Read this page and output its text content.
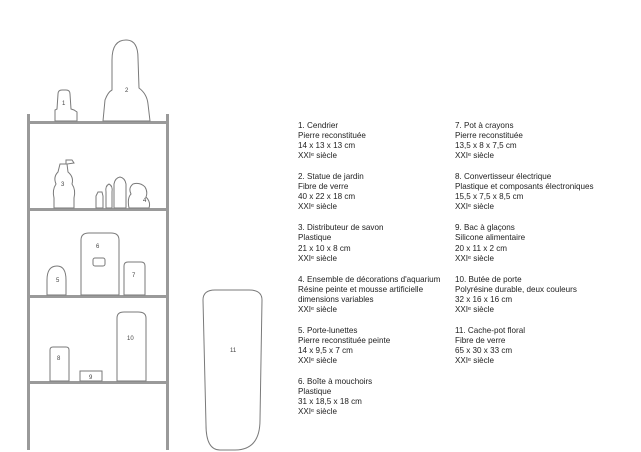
1
2
3
4
5
6
7
8
9
10
11
1. Cendrier
Pierre reconstituée
14 x 13 x 13 cm
XXIᵉ siècle
2. Statue de jardin
Fibre de verre
40 x 22 x 18 cm
XXIᵉ siècle
3. Distributeur de savon
Plastique
21 x 10 x 8 cm
XXIᵉ siècle
4. Ensemble de décorations d'aquarium
Résine peinte et mousse artificielle
dimensions variables
XXIᵉ siècle
5. Porte-lunettes
Pierre reconstituée peinte
14 x 9,5 x 7 cm
XXIᵉ siècle
6. Boîte à mouchoirs
Plastique
31 x 18,5 x 18 cm
XXIᵉ siècle
7. Pot à crayons
Pierre reconstituée
13,5 x 8 x 7,5 cm
XXIᵉ siècle
8. Convertisseur électrique
Plastique et composants électroniques
15,5 x 7,5 x 8,5 cm
XXIᵉ siècle
9. Bac à glaçons
Silicone alimentaire
20 x 11 x 2 cm
XXIᵉ siècle
10. Butée de porte
Polyrésine durable, deux couleurs
32 x 16 x 16 cm
XXIᵉ siècle
11. Cache-pot floral
Fibre de verre
65 x 30 x 33 cm
XXIᵉ siècle
